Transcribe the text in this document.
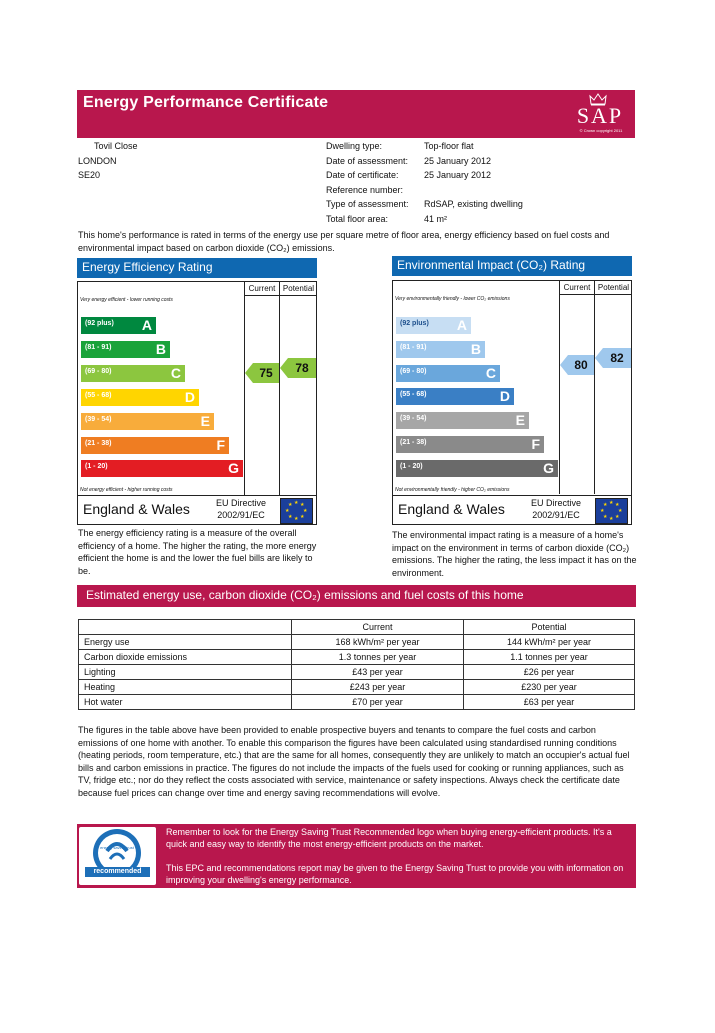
Energy Performance Certificate
SAP
© Crown copyright 2011
Tovil Close
LONDON
SE20
Dwelling type:	Top-floor flat
Date of assessment:	25 January 2012
Date of certificate:	25 January 2012
Reference number:
Type of assessment:	RdSAP, existing dwelling
Total floor area:	41 m²
This home's performance is rated in terms of the energy use per square metre of floor area, energy efficiency based on fuel costs and environmental impact based on carbon dioxide (CO₂) emissions.
Energy Efficiency Rating
Current Potential
Very energy efficient - lower running costs
(92 plus) A
(81 - 91)	B
(69 - 80)	C
(55 - 68)	D
(39 - 54)	E
(21 - 38)	F
(1 - 20)	G
75	78
Not energy efficient - higher running costs
England & Wales	EU Directive
2002/91/EC
★ ★
★
★
★
★
★
★
The energy efficiency rating is a measure of the overall efficiency of a home. The higher the rating, the more energy efficient the home is and the lower the fuel bills are likely to be.
Environmental Impact (CO₂) Rating
Current Potential
Very environmentally friendly - lower CO₂ emissions
(92 plus) A
(81 - 91)	B
(69 - 80)	C
(55 - 68)	D
(39 - 54)	E
(21 - 38)	F
(1 - 20)	G
80	82
Not environmentally friendly - higher CO₂ emissions
England & Wales	EU Directive
2002/91/EC
★ ★
★
★
★
★
★
★
The environmental impact rating is a measure of a home's impact on the environment in terms of carbon dioxide (CO₂) emissions. The higher the rating, the less impact it has on the environment.
Estimated energy use, carbon dioxide (CO₂) emissions and fuel costs of this home
	Current	Potential
Energy use	168 kWh/m² per year	144 kWh/m² per year
Carbon dioxide emissions	1.3 tonnes per year	1.1 tonnes per year
Lighting	£43 per year	£26 per year
Heating	£243 per year	£230 per year
Hot water	£70 per year	£63 per year
The figures in the table above have been provided to enable prospective buyers and tenants to compare the fuel costs and carbon emissions of one home with another. To enable this comparison the figures have been calculated using standardised running conditions (heating periods, room temperature, etc.) that are the same for all homes, consequently they are unlikely to match an occupier's actual fuel bills and carbon emissions in practice. The figures do not include the impacts of the fuels used for cooking or running appliances, such as TV, fridge etc.; nor do they reflect the costs associated with service, maintenance or safety inspections. Always check the certificate date because fuel prices can change over time and energy saving recommendations will evolve.
recommended
energy saving trust
Remember to look for the Energy Saving Trust Recommended logo when buying energy-efficient products. It's a quick and easy way to identify the most energy-efficient products on the market.
This EPC and recommendations report may be given to the Energy Saving Trust to provide you with information on improving your dwelling's energy performance.
